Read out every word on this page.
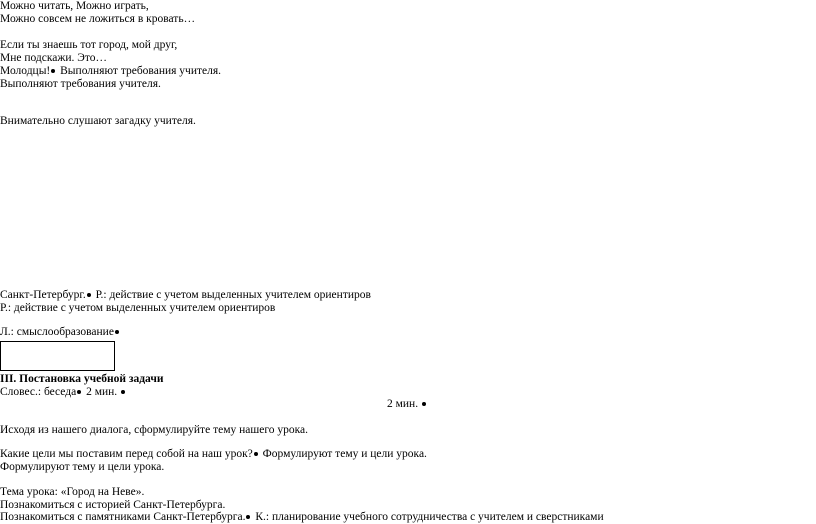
Можно читать, Можно играть,
Можно совсем не ложиться в кровать…
Если ты знаешь тот город, мой друг,
Мне подскажи. Это…
Молодцы! Выполняют требования учителя.
Выполняют требования учителя.
Внимательно слушают загадку учителя.
Санкт-Петербург. Р.: действие с учетом выделенных учителем ориентиров
Р.: действие с учетом выделенных учителем ориентиров
Л.: смыслообразование
III. Постановка учебной задачи
Словес.: беседа 2 мин.
2 мин.
Исходя из нашего диалога, сформулируйте тему нашего урока.
Какие цели мы поставим перед собой на наш урок? Формулируют тему и цели урока.
Формулируют тему и цели урока.
Тема урока: «Город на Неве».
Познакомиться с историей Санкт-Петербурга.
Познакомиться с памятниками Санкт-Петербурга. К.: планирование учебного сотрудничества с учителем и сверстниками
